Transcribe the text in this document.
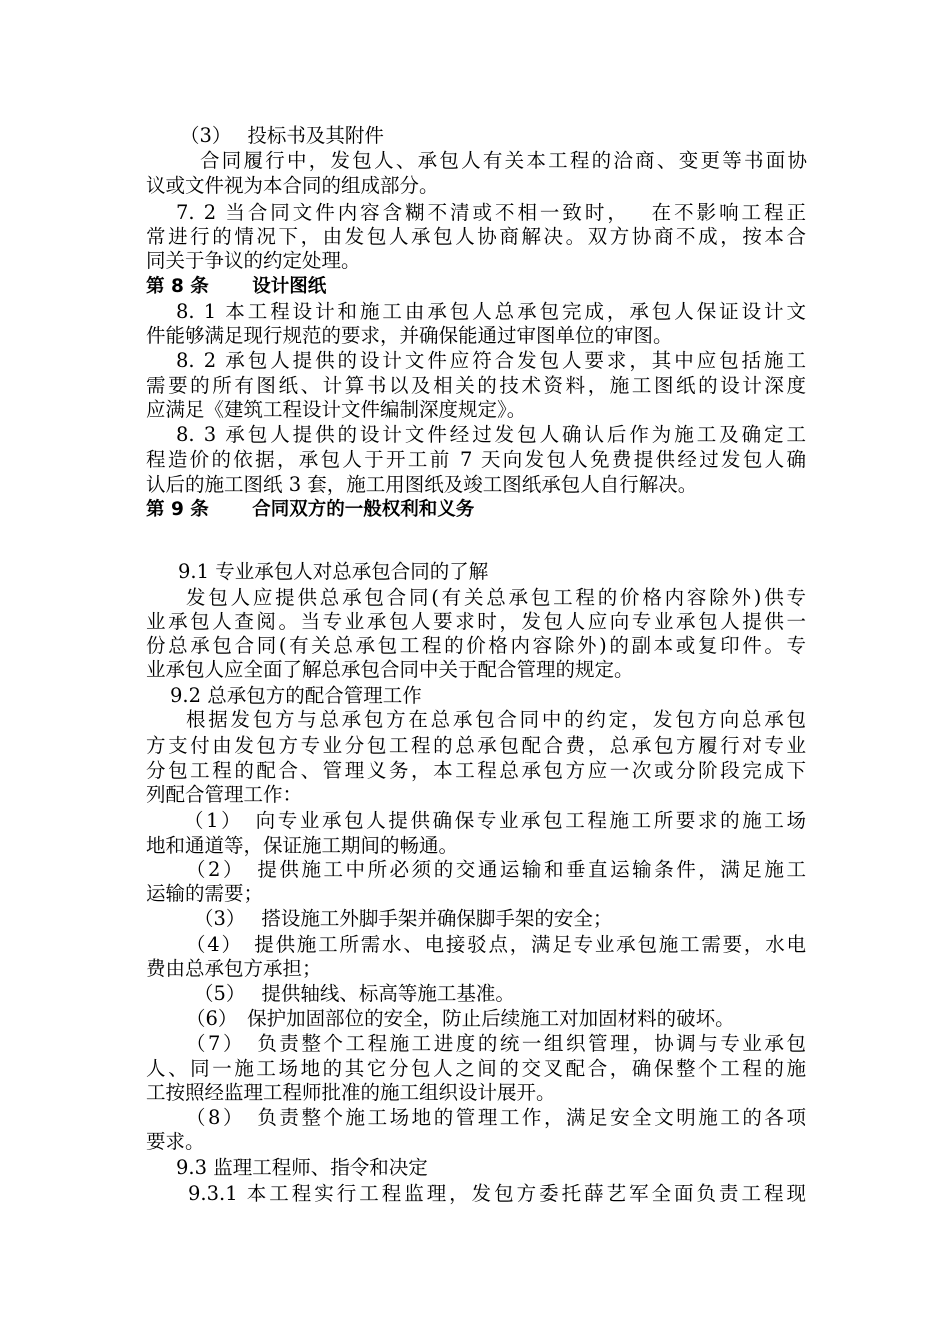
（3）　 投标书及其附件
合同履行中，发包人、承包人有关本工程的洽商、变更等书面协
议或文件视为本合同的组成部分。
7. 2 当合同文件内容含糊不清或不相一致时，　 在不影响工程正
常进行的情况下，由发包人承包人协商解决。双方协商不成，按本合
同关于争议的约定处理。
第 8 条　　 设计图纸
8. 1 本工程设计和施工由承包人总承包完成，承包人保证设计文
件能够满足现行规范的要求，并确保能通过审图单位的审图。
8. 2 承包人提供的设计文件应符合发包人要求，其中应包括施工
需要的所有图纸、计算书以及相关的技术资料，施工图纸的设计深度
应满足《建筑工程设计文件编制深度规定》。
8. 3 承包人提供的设计文件经过发包人确认后作为施工及确定工
程造价的依据，承包人于开工前 7 天向发包人免费提供经过发包人确
认后的施工图纸 3 套，施工用图纸及竣工图纸承包人自行解决。
第 9 条　　 合同双方的一般权利和义务
9.1 专业承包人对总承包合同的了解
发包人应提供总承包合同(有关总承包工程的价格内容除外)供专
业承包人查阅。当专业承包人要求时，发包人应向专业承包人提供一
份总承包合同(有关总承包工程的价格内容除外)的副本或复印件。专
业承包人应全面了解总承包合同中关于配合管理的规定。
9.2 总承包方的配合管理工作
根据发包方与总承包方在总承包合同中的约定，发包方向总承包
方支付由发包方专业分包工程的总承包配合费，总承包方履行对专业
分包工程的配合、管理义务，本工程总承包方应一次或分阶段完成下
列配合管理工作：
（1）　向专业承包人提供确保专业承包工程施工所要求的施工场
地和通道等，保证施工期间的畅通。
（2）　提供施工中所必须的交通运输和垂直运输条件，满足施工
运输的需要；
（3）　 搭设施工外脚手架并确保脚手架的安全；
（4）　提供施工所需水、电接驳点，满足专业承包施工需要，水电
费由总承包方承担；
（5）　 提供轴线、标高等施工基准。
（6）　保护加固部位的安全，防止后续施工对加固材料的破坏。
（7）　负责整个工程施工进度的统一组织管理，协调与专业承包
人、同一施工场地的其它分包人之间的交叉配合，确保整个工程的施
工按照经监理工程师批准的施工组织设计展开。
（8）　负责整个施工场地的管理工作，满足安全文明施工的各项
要求。
9.3 监理工程师、指令和决定
9.3.1 本工程实行工程监理，发包方委托薛艺军全面负责工程现
